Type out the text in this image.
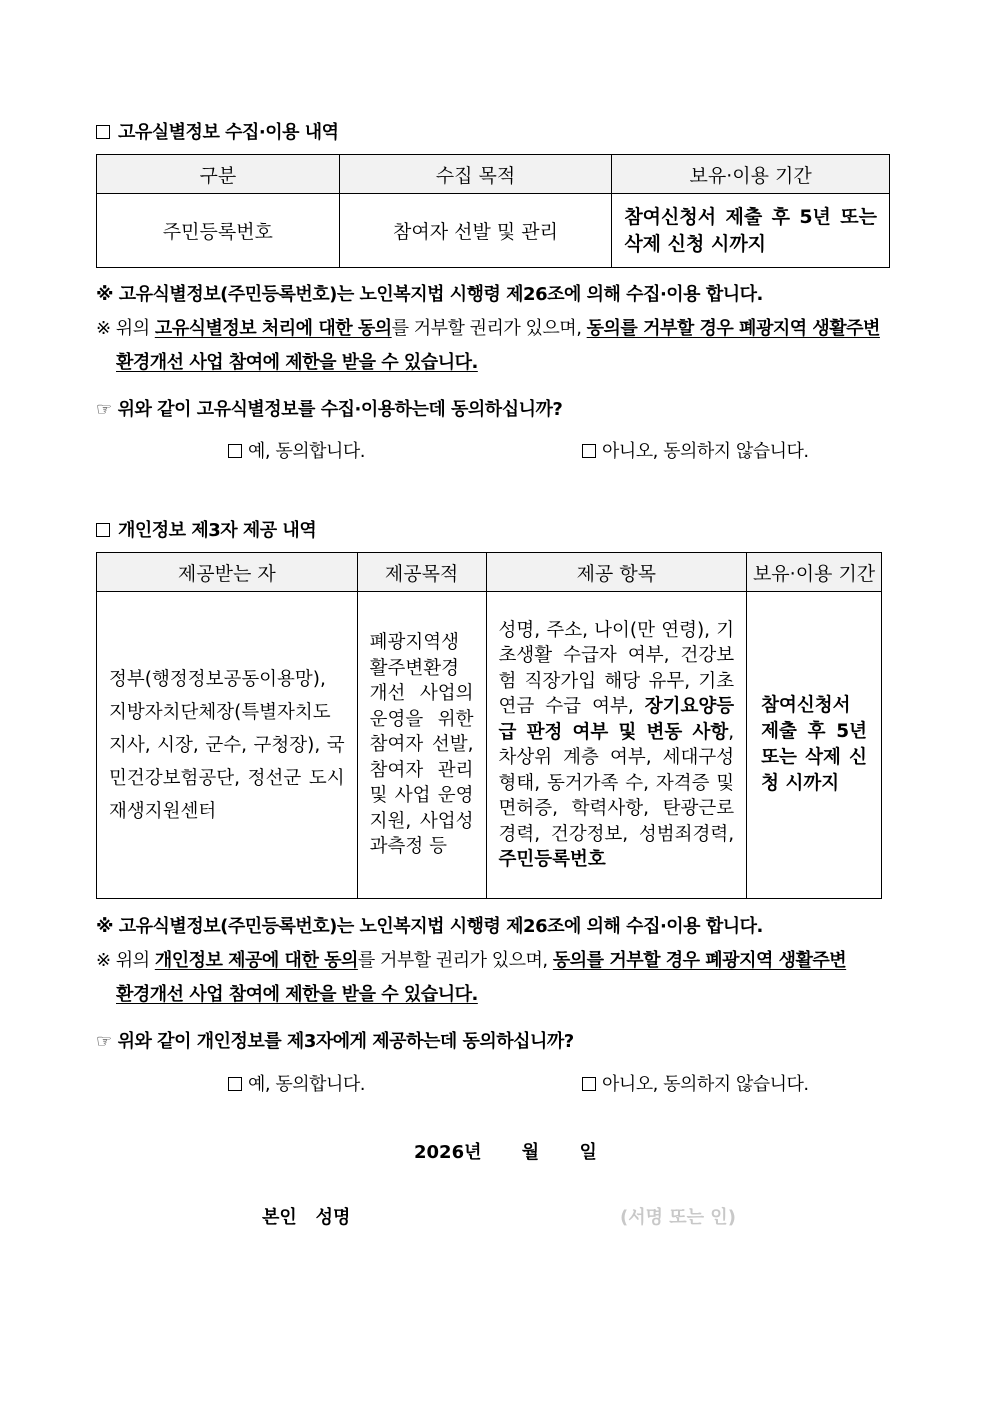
고유실별정보 수집·이용 내역
구분	수집 목적	보유·이용 기간
주민등록번호	참여자 선발 및 관리	참여신청서 제출 후 5년 또는 삭제 신청 시까지
※ 고유식별정보(주민등록번호)는 노인복지법 시행령 제26조에 의해 수집·이용 합니다.
※ 위의 고유식별정보 처리에 대한 동의를 거부할 권리가 있으며, 동의를 거부할 경우 폐광지역 생활주변
환경개선 사업 참여에 제한을 받을 수 있습니다.
☞ 위와 같이 고유식별정보를 수집·이용하는데 동의하십니까?
예, 동의합니다.	아니오, 동의하지 않습니다.
개인정보 제3자 제공 내역
제공받는 자	제공목적	제공 항목	보유·이용 기간
정부(행정정보공동이용망), 지방자치단체장(특별자치도지사, 시장, 군수, 구청장), 국민건강보험공단, 정선군 도시재생지원센터	폐광지역생활주변환경개선 사업의 운영을 위한참여자 선발,참여자 관리 및 사업 운영 지원, 사업성과측정 등	성명, 주소, 나이(만 연령), 기초생활 수급자 여부, 건강보험 직장가입 해당 유무, 기초연금 수급 여부, 장기요양등급 판정 여부 및 변동 사항, 차상위 계층 여부, 세대구성 형태, 동거가족 수, 자격증 및 면허증, 학력사항, 탄광근로 경력, 건강정보, 성범죄경력, 주민등록번호	참여신청서 제출 후 5년 또는 삭제 신청 시까지
※ 고유식별정보(주민등록번호)는 노인복지법 시행령 제26조에 의해 수집·이용 합니다.
※ 위의 개인정보 제공에 대한 동의를 거부할 권리가 있으며, 동의를 거부할 경우 폐광지역 생활주변
환경개선 사업 참여에 제한을 받을 수 있습니다.
☞ 위와 같이 개인정보를 제3자에게 제공하는데 동의하십니까?
예, 동의합니다.	아니오, 동의하지 않습니다.
2026년 월 일
본인   성명	(서명 또는 인)
